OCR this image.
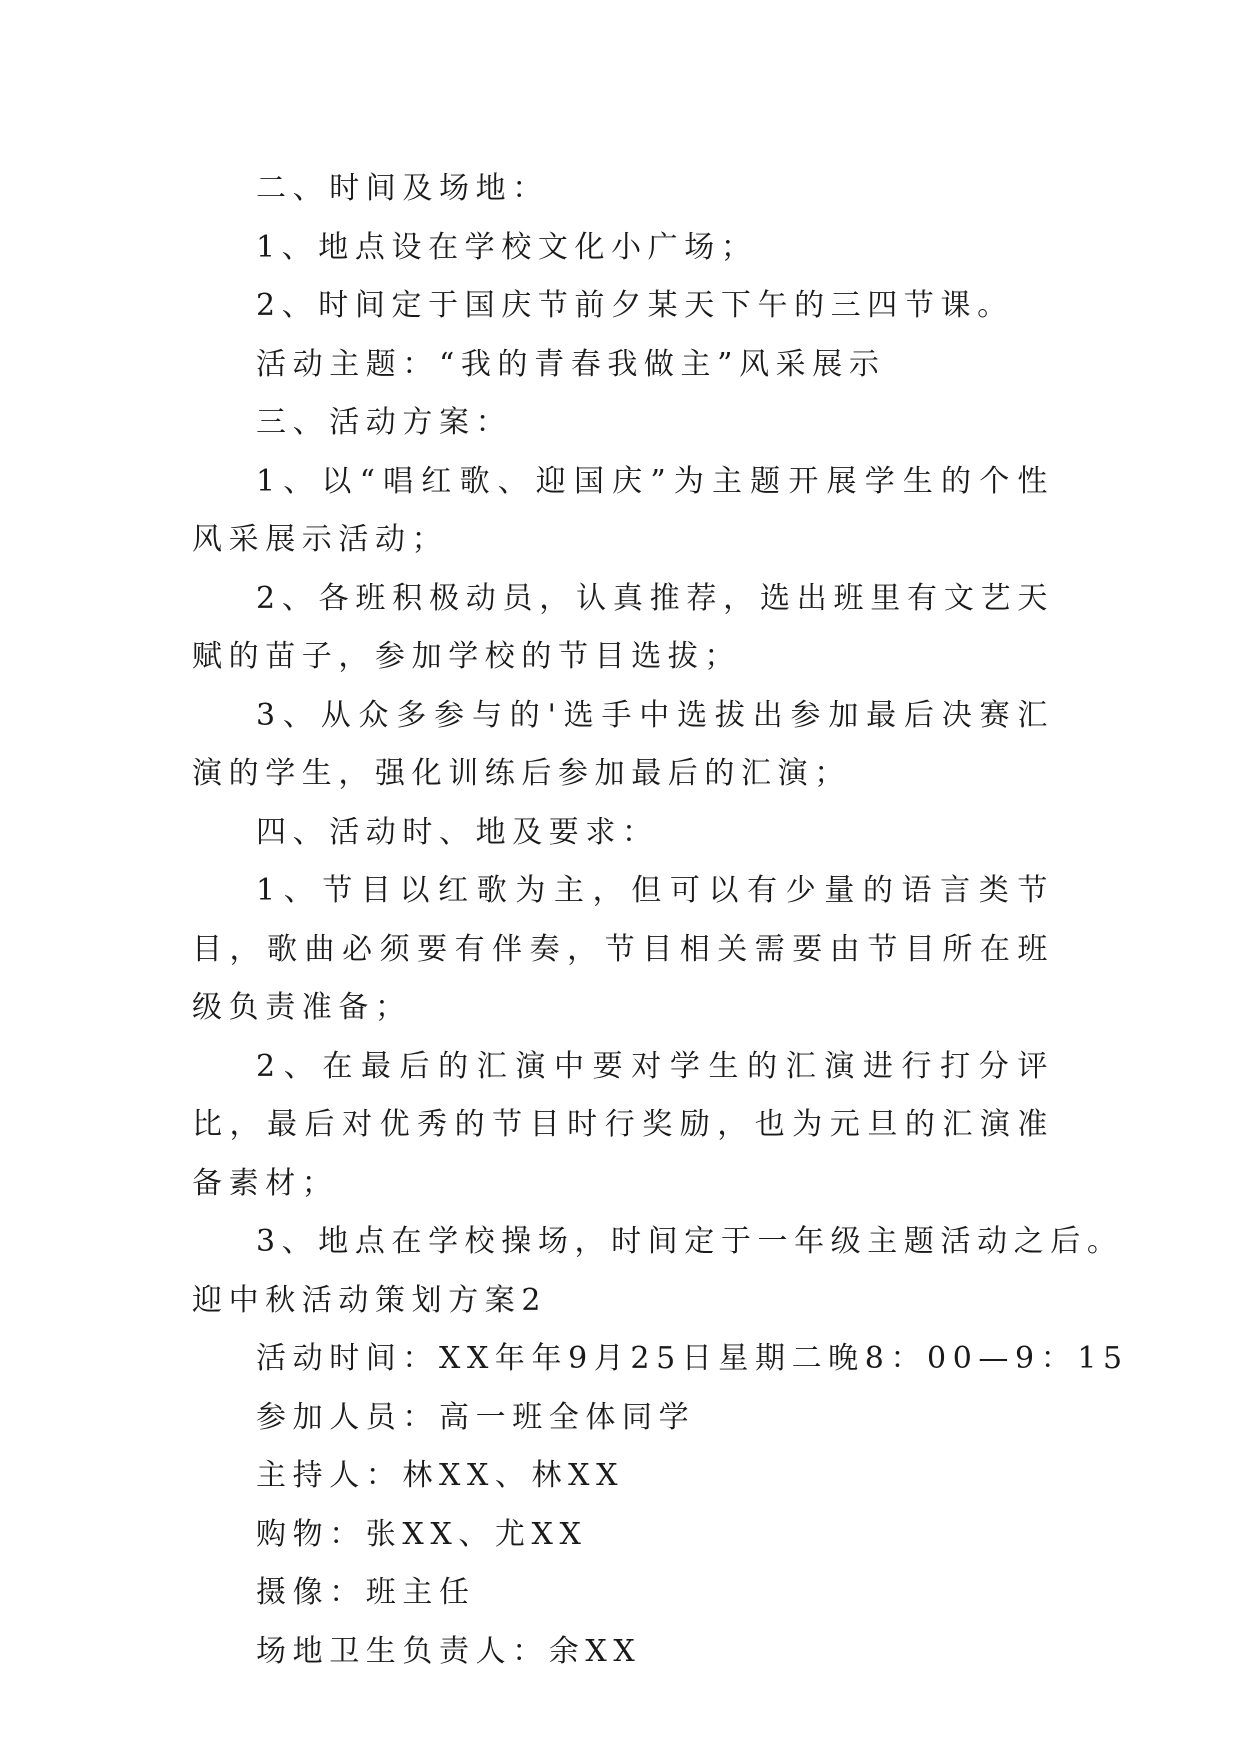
二、时间及场地：
1、地点设在学校文化小广场；
2、时间定于国庆节前夕某天下午的三四节课。
活动主题：“我的青春我做主”风采展示
三、活动方案：
1、以“唱红歌、迎国庆”为主题开展学生的个性风采展示活动；
2、各班积极动员，认真推荐，选出班里有文艺天赋的苗子，参加学校的节目选拔；
3、从众多参与的'选手中选拔出参加最后决赛汇演的学生，强化训练后参加最后的汇演；
四、活动时、地及要求：
1、节目以红歌为主，但可以有少量的语言类节目，歌曲必须要有伴奏，节目相关需要由节目所在班级负责准备；
2、在最后的汇演中要对学生的汇演进行打分评比，最后对优秀的节目时行奖励，也为元旦的汇演准备素材；
3、地点在学校操场，时间定于一年级主题活动之后。
迎中秋活动策划方案2
活动时间：XX年年9月25日星期二晚8：00—9：15
参加人员：高一班全体同学
主持人：林XX、林XX
购物：张XX、尤XX
摄像：班主任
场地卫生负责人：余XX
